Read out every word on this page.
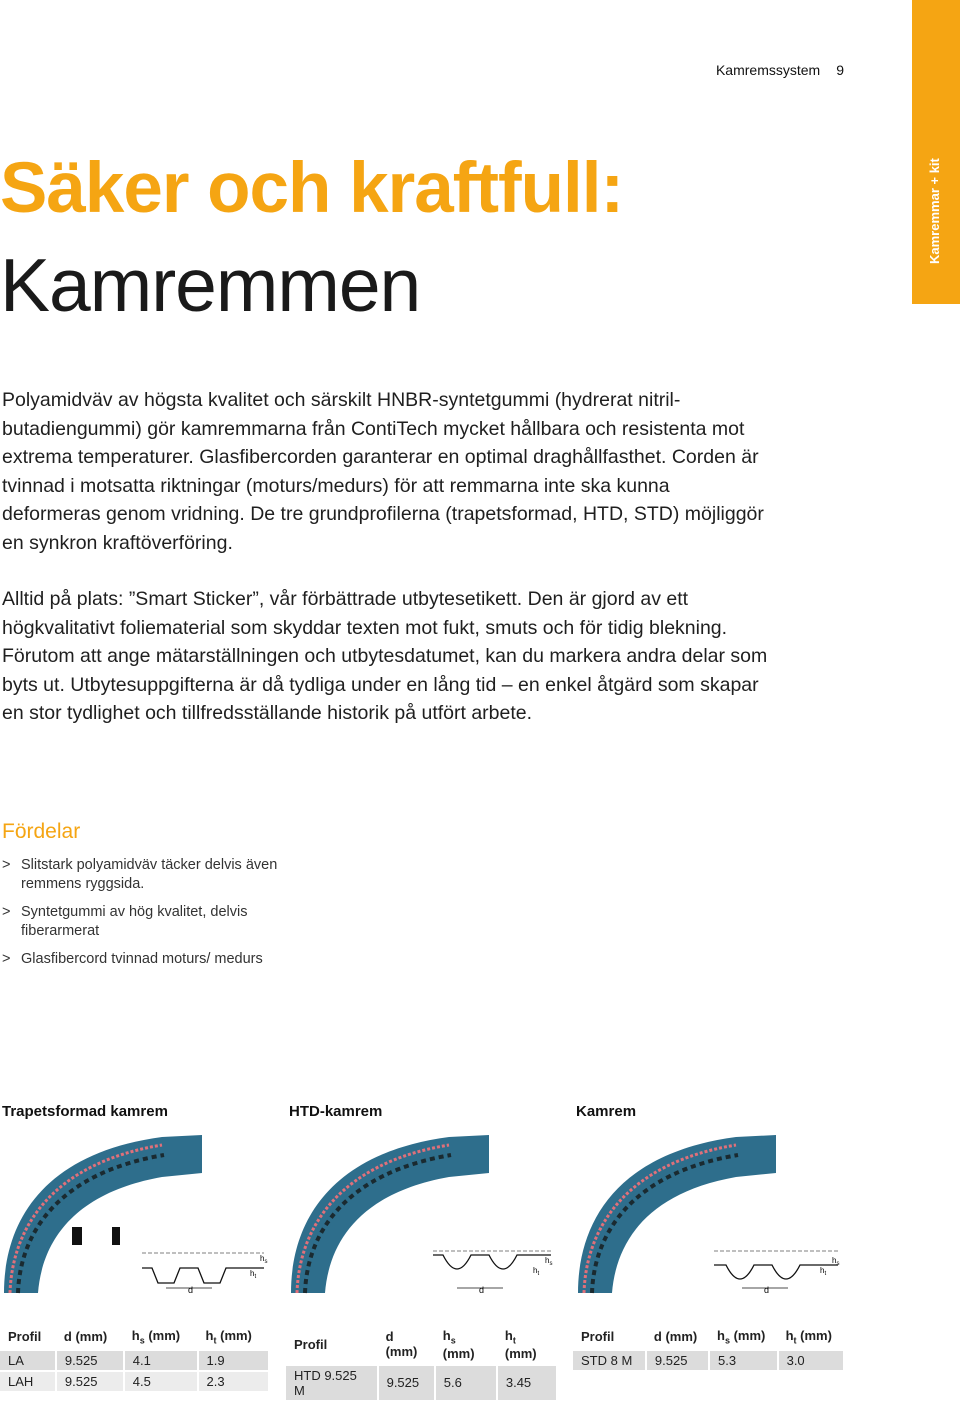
Kamremssystem 9
Kamremmar + kit
Säker och kraftfull:
Kamremmen
Polyamidväv av högsta kvalitet och särskilt HNBR-syntetgummi (hydrerat nitril-butadiengummi) gör kamremmarna från ContiTech mycket hållbara och resistenta mot extrema temperaturer. Glasfibercorden garanterar en optimal draghållfasthet. Corden är tvinnad i motsatta riktningar (moturs/medurs) för att remmarna inte ska kunna deformeras genom vridning. De tre grundprofilerna (trapetsformad, HTD, STD) möjliggör en synkron kraftöverföring.
Alltid på plats: ”Smart Sticker”, vår förbättrade utbytesetikett. Den är gjord av ett högkvalitativt foliematerial som skyddar texten mot fukt, smuts och för tidig blekning. Förutom att ange mätarställningen och utbytesdatumet, kan du markera andra delar som byts ut. Utbytesuppgifterna är då tydliga under en lång tid – en enkel åtgärd som skapar en stor tydlighet och tillfredsställande historik på utfört arbete.
Fördelar
> Slitstark polyamidväv täcker delvis även remmens ryggsida.
> Syntetgummi av hög kvalitet, delvis fiberarmerat
> Glasfibercord tvinnad moturs/ medurs
Trapetsformad kamrem	HTD-kamrem	Kamrem
d
$h_s$
$h_t$
d
$h_s$
$h_t$
d
$h_s$
$h_t$
Profil	d (mm)	$h_s$ (mm)	$h_t$ (mm)
LA	9.525	4.1	1.9
LAH	9.525	4.5	2.3
Profil	d (mm)	$h_s$ (mm)	$h_t$ (mm)
HTD 9.525 M	9.525	5.6	3.45
Profil	d (mm)	$h_s$ (mm)	$h_t$ (mm)
STD 8 M	9.525	5.3	3.0
